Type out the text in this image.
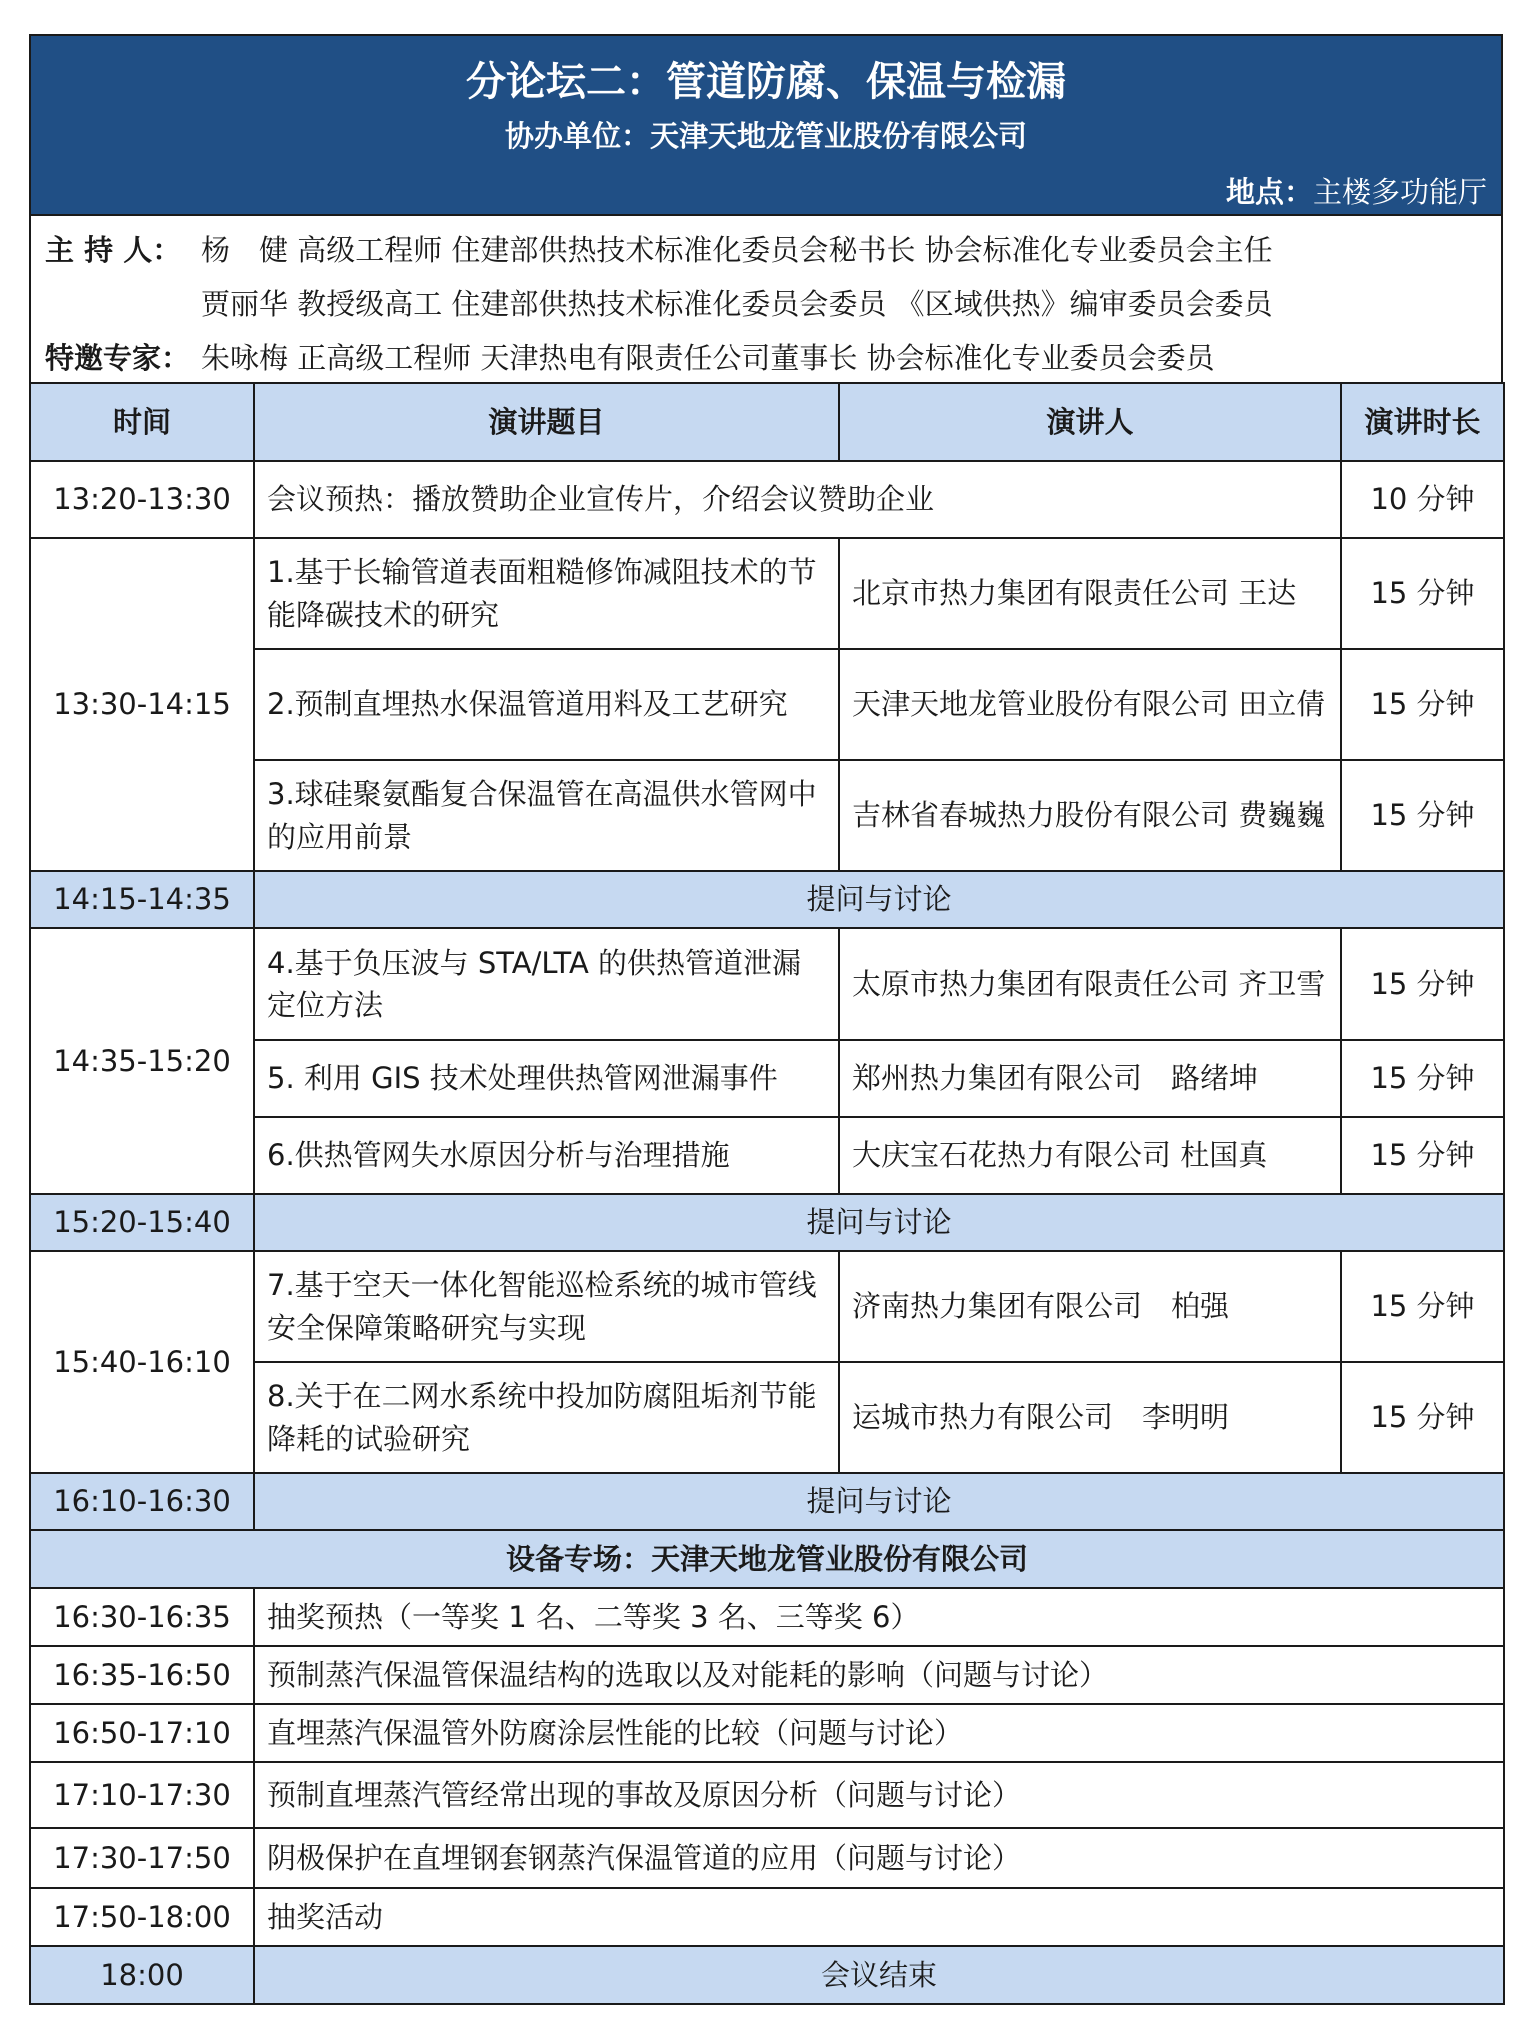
分论坛二：管道防腐、保温与检漏
协办单位：天津天地龙管业股份有限公司
地点：主楼多功能厅
主 持 人： 杨　健 高级工程师 住建部供热技术标准化委员会秘书长 协会标准化专业委员会主任
贾丽华 教授级高工 住建部供热技术标准化委员会委员 《区域供热》编审委员会委员
特邀专家： 朱咏梅 正高级工程师 天津热电有限责任公司董事长 协会标准化专业委员会委员
时间	演讲题目	演讲人	演讲时长
13:20-13:30	会议预热：播放赞助企业宣传片，介绍会议赞助企业		10 分钟
13:30-14:15	1.基于长输管道表面粗糙修饰减阻技术的节能降碳技术的研究	北京市热力集团有限责任公司 王达	15 分钟
	2.预制直埋热水保温管道用料及工艺研究	天津天地龙管业股份有限公司 田立倩	15 分钟
	3.球硅聚氨酯复合保温管在高温供水管网中的应用前景	吉林省春城热力股份有限公司 费巍巍	15 分钟
14:15-14:35	提问与讨论		
14:35-15:20	4.基于负压波与 STA/LTA 的供热管道泄漏定位方法	太原市热力集团有限责任公司 齐卫雪	15 分钟
	5. 利用 GIS 技术处理供热管网泄漏事件	郑州热力集团有限公司　路绪坤	15 分钟
	6.供热管网失水原因分析与治理措施	大庆宝石花热力有限公司 杜国真	15 分钟
15:20-15:40	提问与讨论		
15:40-16:10	7.基于空天一体化智能巡检系统的城市管线安全保障策略研究与实现	济南热力集团有限公司　柏强	15 分钟
	8.关于在二网水系统中投加防腐阻垢剂节能降耗的试验研究	运城市热力有限公司　李明明	15 分钟
16:10-16:30	提问与讨论		
设备专场：天津天地龙管业股份有限公司			
16:30-16:35	抽奖预热（一等奖 1 名、二等奖 3 名、三等奖 6）		
16:35-16:50	预制蒸汽保温管保温结构的选取以及对能耗的影响（问题与讨论）		
16:50-17:10	直埋蒸汽保温管外防腐涂层性能的比较（问题与讨论）		
17:10-17:30	预制直埋蒸汽管经常出现的事故及原因分析（问题与讨论）		
17:30-17:50	阴极保护在直埋钢套钢蒸汽保温管道的应用（问题与讨论）		
17:50-18:00	抽奖活动		
18:00	会议结束		
